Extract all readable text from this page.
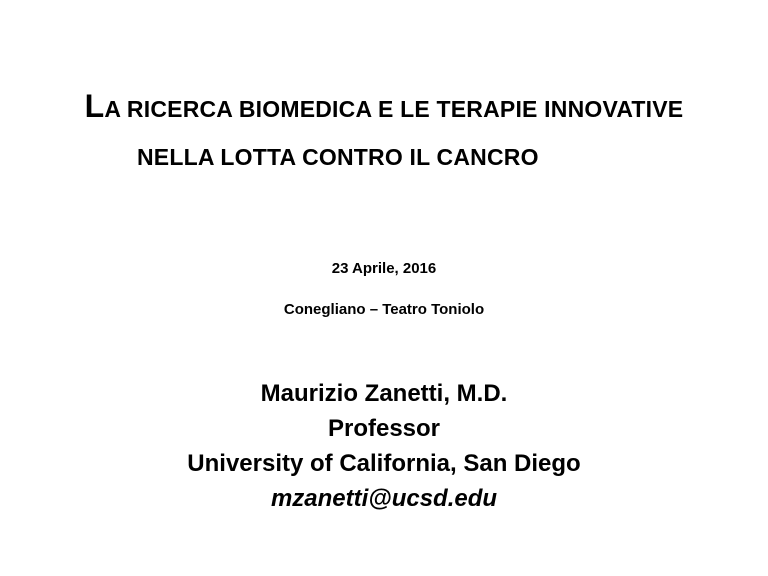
LA RICERCA BIOMEDICA E LE TERAPIE INNOVATIVE
NELLA LOTTA CONTRO IL CANCRO
23 Aprile, 2016
Conegliano – Teatro Toniolo
Maurizio Zanetti, M.D.
Professor
University of California, San Diego
mzanetti@ucsd.edu
